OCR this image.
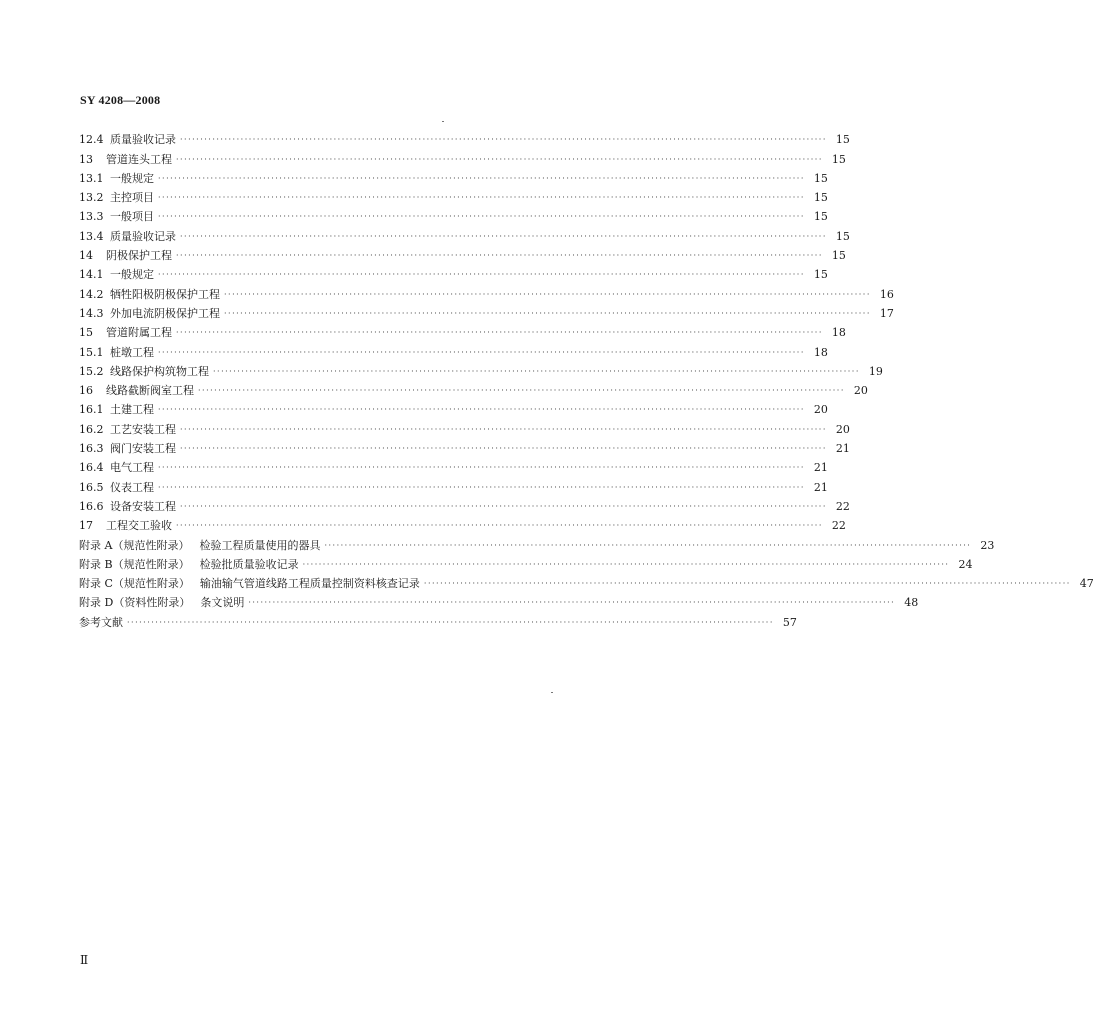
SY 4208—2008
12.4 质量验收记录 ································································································································································ 15
13	管道连头工程 ································································································································································ 15
13.1 一般规定 ································································································································································ 15
13.2 主控项目 ································································································································································ 15
13.3 一般项目 ································································································································································ 15
13.4 质量验收记录 ································································································································································ 15
14	阴极保护工程 ································································································································································ 15
14.1 一般规定 ································································································································································ 15
14.2 牺牲阳极阴极保护工程 ································································································································································ 16
14.3 外加电流阴极保护工程 ································································································································································ 17
15	管道附属工程 ································································································································································ 18
15.1 桩墩工程 ································································································································································ 18
15.2 线路保护构筑物工程 ································································································································································ 19
16	线路截断阀室工程 ································································································································································ 20
16.1 土建工程 ································································································································································ 20
16.2 工艺安装工程 ································································································································································ 20
16.3 阀门安装工程 ································································································································································ 21
16.4 电气工程 ································································································································································ 21
16.5 仪表工程 ································································································································································ 21
16.6 设备安装工程 ································································································································································ 22
17	工程交工验收 ································································································································································ 22
附录 A（规范性附录） 检验工程质量使用的器具 ································································································································································ 23
附录 B（规范性附录） 检验批质量验收记录 ································································································································································ 24
附录 C（规范性附录） 输油输气管道线路工程质量控制资料核查记录 ································································································································································ 47
附录 D（资料性附录） 条文说明 ································································································································································ 48
参考文献 ································································································································································ 57
Ⅱ
